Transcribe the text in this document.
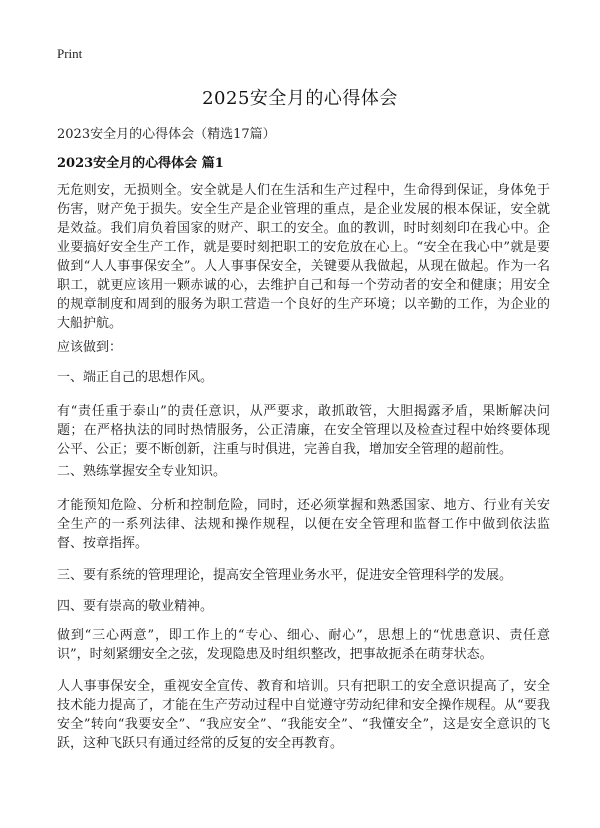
Print
2025安全月的心得体会
2023安全月的心得体会（精选17篇）
2023安全月的心得体会 篇1
无危则安，无损则全。安全就是人们在生活和生产过程中，生命得到保证，身体免于伤害，财产免于损失。安全生产是企业管理的重点，是企业发展的根本保证，安全就是效益。我们肩负着国家的财产、职工的安全。血的教训，时时刻刻印在我心中。企业要搞好安全生产工作，就是要时刻把职工的安危放在心上。“安全在我心中”就是要做到“人人事事保安全”。人人事事保安全，关键要从我做起，从现在做起。作为一名职工，就更应该用一颗赤诚的心，去维护自己和每一个劳动者的安全和健康；用安全的规章制度和周到的服务为职工营造一个良好的生产环境；以辛勤的工作，为企业的大船护航。
应该做到：
一、端正自己的思想作风。
有“责任重于泰山”的责任意识，从严要求，敢抓敢管，大胆揭露矛盾，果断解决问题；在严格执法的同时热情服务，公正清廉，在安全管理以及检查过程中始终要体现公平、公正；要不断创新，注重与时俱进，完善自我，增加安全管理的超前性。
二、熟练掌握安全专业知识。
才能预知危险、分析和控制危险，同时，还必须掌握和熟悉国家、地方、行业有关安全生产的一系列法律、法规和操作规程，以便在安全管理和监督工作中做到依法监督、按章指挥。
三、要有系统的管理理论，提高安全管理业务水平，促进安全管理科学的发展。
四、要有崇高的敬业精神。
做到“三心两意”，即工作上的“专心、细心、耐心”，思想上的“忧患意识、责任意识”，时刻紧绷安全之弦，发现隐患及时组织整改，把事故扼杀在萌芽状态。
人人事事保安全，重视安全宣传、教育和培训。只有把职工的安全意识提高了，安全技术能力提高了，才能在生产劳动过程中自觉遵守劳动纪律和安全操作规程。从“要我安全”转向“我要安全”、“我应安全”、“我能安全”、“我懂安全”，这是安全意识的飞跃，这种飞跃只有通过经常的反复的安全再教育。
